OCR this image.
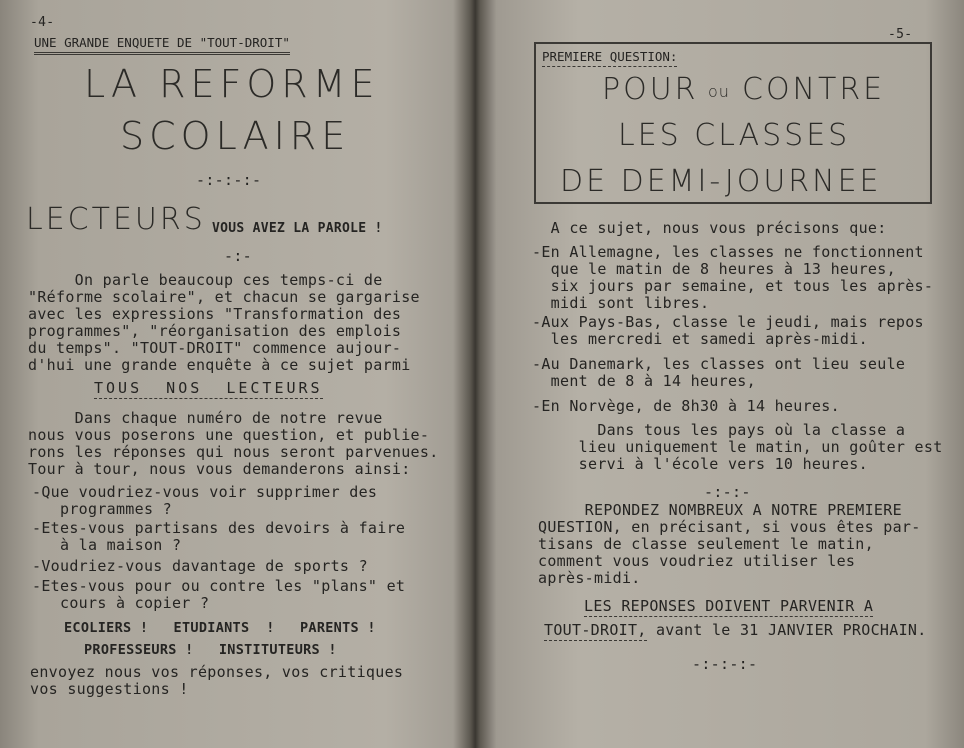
-4-
UNE GRANDE ENQUETE DE "TOUT-DROIT"
LA REFORME
SCOLAIRE
-:-:-:-
LECTEURS VOUS AVEZ LA PAROLE !
-:-
On parle beaucoup ces temps-ci de
"Réforme scolaire", et chacun se gargarise
avec les expressions "Transformation des
programmes", "réorganisation des emplois
du temps". "TOUT-DROIT" commence aujour-
d'hui une grande enquête à ce sujet parmi
TOUS  NOS  LECTEURS
Dans chaque numéro de notre revue
nous vous poserons une question, et publie-
rons les réponses qui nous seront parvenues.
Tour à tour, nous vous demanderons ainsi:
-Que voudriez-vous voir supprimer des
programmes ?
-Etes-vous partisans des devoirs à faire
à la maison ?
-Voudriez-vous davantage de sports ?
-Etes-vous pour ou contre les "plans" et
cours à copier ?
ECOLIERS !   ETUDIANTS  !   PARENTS !
PROFESSEURS !   INSTITUTEURS !
envoyez nous vos réponses, vos critiques
vos suggestions !
-5-
PREMIERE QUESTION:
POUR ou CONTRE
LES CLASSES
DE DEMI-JOURNEE
A ce sujet, nous vous précisons que:
-En Allemagne, les classes ne fonctionnent
que le matin de 8 heures à 13 heures,
six jours par semaine, et tous les après-
midi sont libres.
-Aux Pays-Bas, classe le jeudi, mais repos
les mercredi et samedi après-midi.
-Au Danemark, les classes ont lieu seule
ment de 8 à 14 heures,
-En Norvège, de 8h30 à 14 heures.
Dans tous les pays où la classe a
lieu uniquement le matin, un goûter est
servi à l'école vers 10 heures.
-:-:-
REPONDEZ NOMBREUX A NOTRE PREMIERE
QUESTION, en précisant, si vous êtes par-
tisans de classe seulement le matin,
comment vous voudriez utiliser les
après-midi.
LES REPONSES DOIVENT PARVENIR A
TOUT-DROIT, avant le 31 JANVIER PROCHAIN.
-:-:-:-
